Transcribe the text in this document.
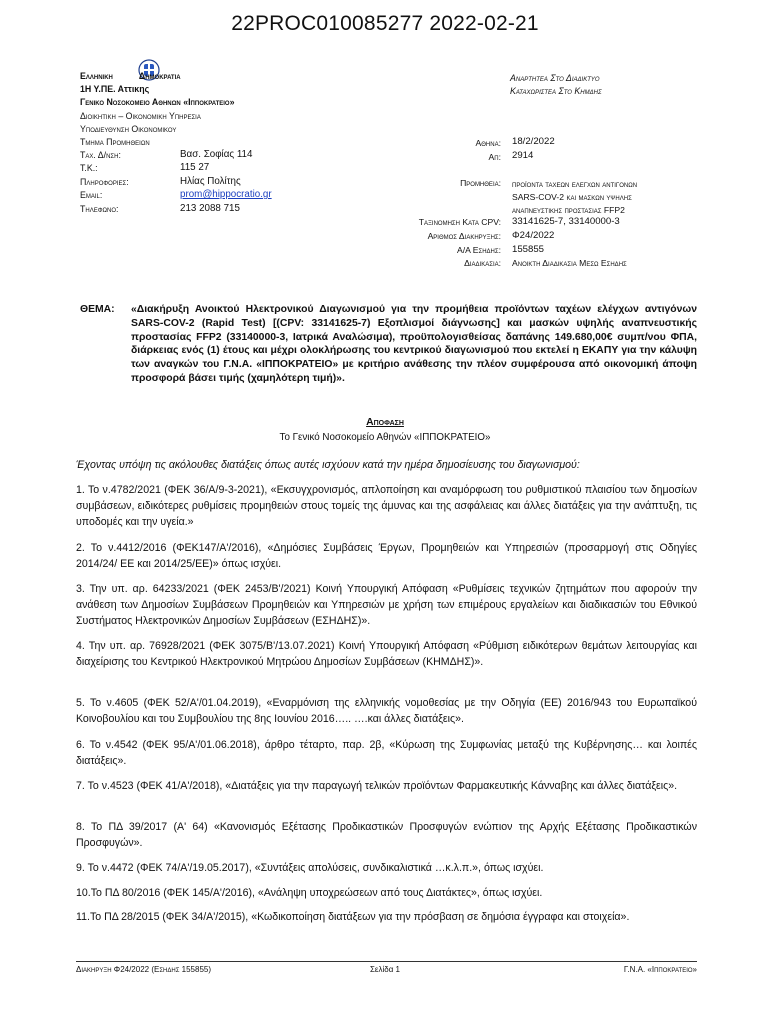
22PROC010085277 2022-02-21
Ελληνικη	Δημοκρατια
1Η Υ.ΠΕ. Αττικης
Γενικο Νοσοκομειο Αθηνων «Ιπποκρατειο»
Διοικητικη – Οικονομικη Υπηρεσια
Υποδιευθυνση Οικονομικου
Τμημα Προμηθειων
Αναρτητεα Στο Διαδικτυο
Καταχωριστεα Στο Κημδης
Ταχ. Δ/νση:	Βασ. Σοφίας 114
Τ.Κ.:	115 27
Πληροφοριες:	Ηλίας Πολίτης
Email:	prom@hippocratio.gr
Τηλεφωνο:	213 2088 715
Αθηνα: 18/2/2022
Απ: 2914
Προμηθεια: προϊοντα ταχεων ελεγχων αντιγονων
SARS-COV-2 και μασκων υψηλης
αναπνευστικης προστασιας FFP2
Ταξινομηση Κατα CPV: 33141625-7, 33140000-3
Αριθμος Διακηρυξης: Φ24/2022
Α/Α Εσηδης: 155855
Διαδικασια: Ανοικτη Διαδικασια Μεσω Εσηδης
ΘΕΜΑ: «Διακήρυξη Ανοικτού Ηλεκτρονικού Διαγωνισμού για την προμήθεια προϊόντων ταχέων ελέγχων αντιγόνων SARS-COV-2 (Rapid Test) [(CPV: 33141625-7) Εξοπλισμοί διάγνωσης] και μασκών υψηλής αναπνευστικής προστασίας FFP2 (33140000-3, Ιατρικά Αναλώσιμα), προϋπολογισθείσας δαπάνης 149.680,00€ συμπ/νου ΦΠΑ, διάρκειας ενός (1) έτους και μέχρι ολοκλήρωσης του κεντρικού διαγωνισμού που εκτελεί η ΕΚΑΠΥ για την κάλυψη των αναγκών του Γ.Ν.Α. «ΙΠΠΟΚΡΑΤΕΙΟ» με κριτήριο ανάθεσης την πλέον συμφέρουσα από οικονομική άποψη προσφορά βάσει τιμής (χαμηλότερη τιμή)».
Αποφαση
Το Γενικό Νοσοκομείο Αθηνών «ΙΠΠΟΚΡΑΤΕΙΟ»
Έχοντας υπόψη τις ακόλουθες διατάξεις όπως αυτές ισχύουν κατά την ημέρα δημοσίευσης του διαγωνισμού:
1. Το ν.4782/2021 (ΦΕΚ 36/Α/9-3-2021), «Εκσυγχρονισμός, απλοποίηση και αναμόρφωση του ρυθμιστικού πλαισίου των δημοσίων συμβάσεων, ειδικότερες ρυθμίσεις προμηθειών στους τομείς της άμυνας και της ασφάλειας και άλλες διατάξεις για την ανάπτυξη, τις υποδομές και την υγεία.»
2. Το ν.4412/2016 (ΦΕΚ147/Α'/2016), «Δημόσιες Συμβάσεις Έργων, Προμηθειών και Υπηρεσιών (προσαρμογή στις Οδηγίες 2014/24/ ΕΕ και 2014/25/ΕΕ)» όπως ισχύει.
3. Την υπ. αρ. 64233/2021 (ΦΕΚ 2453/Β'/2021) Κοινή Υπουργική Απόφαση «Ρυθμίσεις τεχνικών ζητημάτων που αφορούν την ανάθεση των Δημοσίων Συμβάσεων Προμηθειών και Υπηρεσιών με χρήση των επιμέρους εργαλείων και διαδικασιών του Εθνικού Συστήματος Ηλεκτρονικών Δημοσίων Συμβάσεων (ΕΣΗΔΗΣ)».
4. Την υπ. αρ. 76928/2021 (ΦΕΚ 3075/Β'/13.07.2021) Κοινή Υπουργική Απόφαση «Ρύθμιση ειδικότερων θεμάτων λειτουργίας και διαχείρισης του Κεντρικού Ηλεκτρονικού Μητρώου Δημοσίων Συμβάσεων (ΚΗΜΔΗΣ)».
5. Το ν.4605 (ΦΕΚ 52/Α'/01.04.2019), «Εναρμόνιση της ελληνικής νομοθεσίας με την Οδηγία (ΕΕ) 2016/943 του Ευρωπαϊκού Κοινοβουλίου και του Συμβουλίου της 8ης Ιουνίου 2016….. ….και άλλες διατάξεις».
6. Το ν.4542 (ΦΕΚ 95/Α'/01.06.2018), άρθρο τέταρτο, παρ. 2β, «Κύρωση της Συμφωνίας μεταξύ της Κυβέρνησης… και λοιπές διατάξεις».
7. Το ν.4523 (ΦΕΚ 41/Α'/2018), «Διατάξεις για την παραγωγή τελικών προϊόντων Φαρμακευτικής Κάνναβης και άλλες διατάξεις».
8. Το ΠΔ 39/2017 (Α' 64) «Κανονισμός Εξέτασης Προδικαστικών Προσφυγών ενώπιον της Αρχής Εξέτασης Προδικαστικών Προσφυγών».
9. Το ν.4472 (ΦΕΚ 74/Α'/19.05.2017), «Συντάξεις απολύσεις, συνδικαλιστικά …κ.λ.π.», όπως ισχύει.
10.Το ΠΔ 80/2016 (ΦΕΚ 145/Α'/2016), «Ανάληψη υποχρεώσεων από τους Διατάκτες», όπως ισχύει.
11.Το ΠΔ 28/2015 (ΦΕΚ 34/Α'/2015), «Κωδικοποίηση διατάξεων για την πρόσβαση σε δημόσια έγγραφα και στοιχεία».
Διακηρυξη Φ24/2022 (Εσηδης 155855)	Σελίδα 1	Γ.Ν.Α. «Ιπποκρατειο»
